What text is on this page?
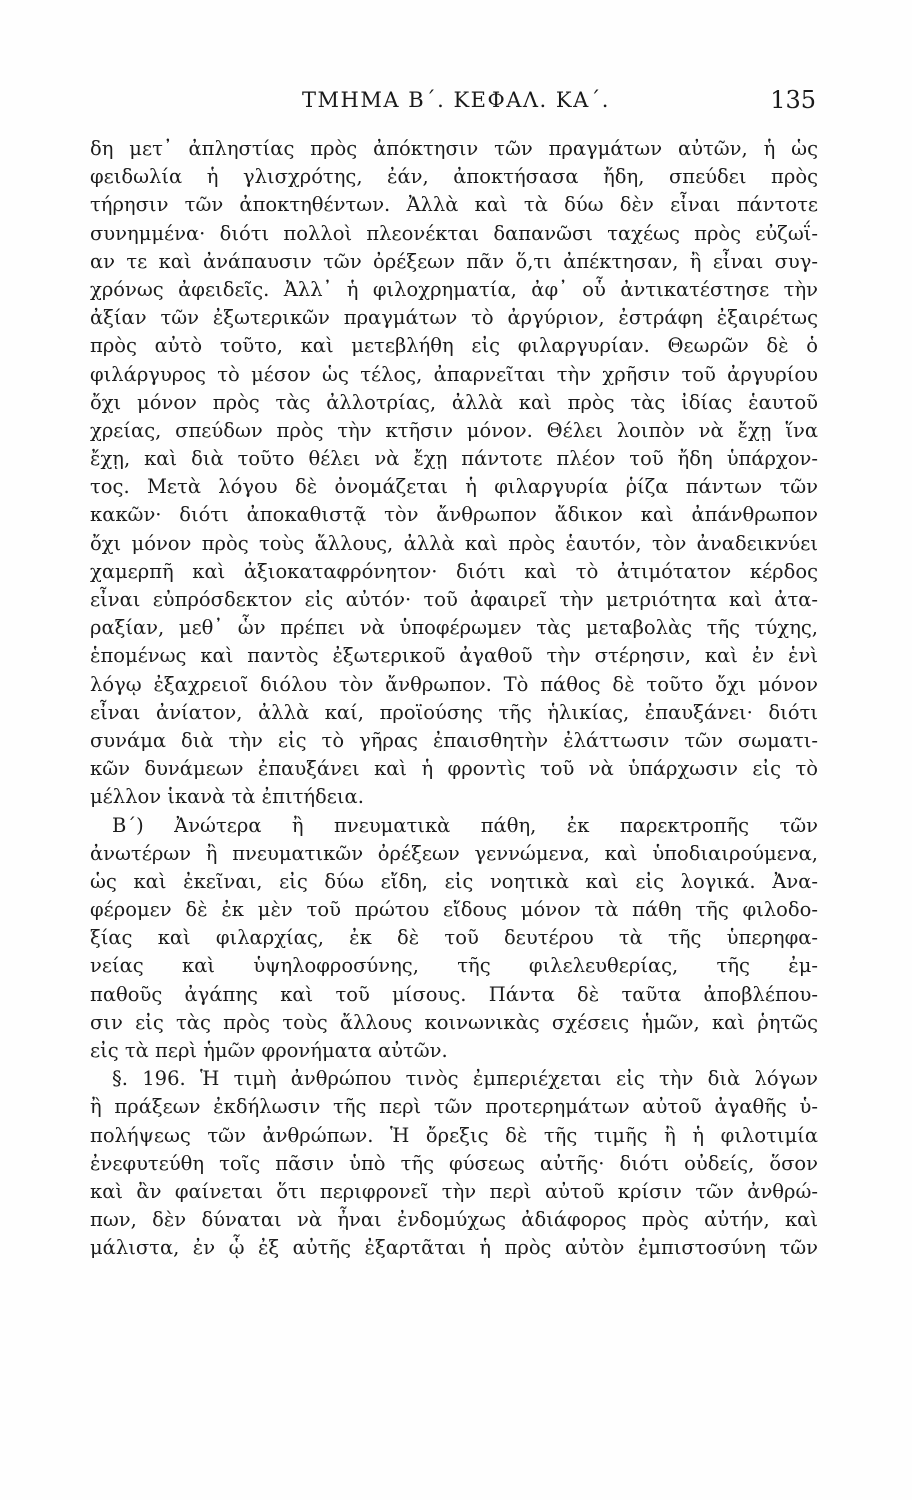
ΤΜΗΜΑ Β΄. ΚΕΦΑΛ. ΚΑ΄.	135
δη μετ᾿ ἀπληστίας πρὸς ἀπόκτησιν τῶν πραγμάτων αὐτῶν, ἡ ὡς
φειδωλία ἡ γλισχρότης, ἐάν, ἀποκτήσασα ἤδη, σπεύδει πρὸς
τήρησιν τῶν ἀποκτηθέντων. Ἀλλὰ καὶ τὰ δύω δὲν εἶναι πάντοτε
συνημμένα· διότι πολλοὶ πλεονέκται δαπανῶσι ταχέως πρὸς εὐζωΐ-
αν τε καὶ ἀνάπαυσιν τῶν ὀρέξεων πᾶν ὅ,τι ἀπέκτησαν, ἢ εἶναι συγ-
χρόνως ἀφειδεῖς. Ἀλλ᾿ ἡ φιλοχρηματία, ἀφ᾿ οὗ ἀντικατέστησε τὴν
ἀξίαν τῶν ἐξωτερικῶν πραγμάτων τὸ ἀργύριον, ἐστράφη ἐξαιρέτως
πρὸς αὐτὸ τοῦτο, καὶ μετεβλήθη εἰς φιλαργυρίαν. Θεωρῶν δὲ ὁ
φιλάργυρος τὸ μέσον ὡς τέλος, ἀπαρνεῖται τὴν χρῆσιν τοῦ ἀργυρίου
ὄχι μόνον πρὸς τὰς ἀλλοτρίας, ἀλλὰ καὶ πρὸς τὰς ἰδίας ἑαυτοῦ
χρείας, σπεύδων πρὸς τὴν κτῆσιν μόνον. Θέλει λοιπὸν νὰ ἔχῃ ἵνα
ἔχῃ, καὶ διὰ τοῦτο θέλει νὰ ἔχῃ πάντοτε πλέον τοῦ ἤδη ὑπάρχον-
τος. Μετὰ λόγου δὲ ὀνομάζεται ἡ φιλαργυρία ῥίζα πάντων τῶν
κακῶν· διότι ἀποκαθιστᾷ τὸν ἄνθρωπον ἄδικον καὶ ἀπάνθρωπον
ὄχι μόνον πρὸς τοὺς ἄλλους, ἀλλὰ καὶ πρὸς ἑαυτόν, τὸν ἀναδεικνύει
χαμερπῆ καὶ ἀξιοκαταφρόνητον· διότι καὶ τὸ ἀτιμότατον κέρδος
εἶναι εὐπρόσδεκτον εἰς αὐτόν· τοῦ ἀφαιρεῖ τὴν μετριότητα καὶ ἀτα-
ραξίαν, μεθ᾿ ὧν πρέπει νὰ ὑποφέρωμεν τὰς μεταβολὰς τῆς τύχης,
ἑπομένως καὶ παντὸς ἐξωτερικοῦ ἀγαθοῦ τὴν στέρησιν, καὶ ἐν ἑνὶ
λόγῳ ἐξαχρειοῖ διόλου τὸν ἄνθρωπον. Τὸ πάθος δὲ τοῦτο ὄχι μόνον
εἶναι ἀνίατον, ἀλλὰ καί, προϊούσης τῆς ἡλικίας, ἐπαυξάνει· διότι
συνάμα διὰ τὴν εἰς τὸ γῆρας ἐπαισθητὴν ἐλάττωσιν τῶν σωματι-
κῶν δυνάμεων ἐπαυξάνει καὶ ἡ φροντὶς τοῦ νὰ ὑπάρχωσιν εἰς τὸ
μέλλον ἱκανὰ τὰ ἐπιτήδεια.
Β΄) Ἀνώτερα ἢ πνευματικὰ πάθη, ἐκ παρεκτροπῆς τῶν
ἀνωτέρων ἢ πνευματικῶν ὀρέξεων γεννώμενα, καὶ ὑποδιαιρούμενα,
ὡς καὶ ἐκεῖναι, εἰς δύω εἴδη, εἰς νοητικὰ καὶ εἰς λογικά. Ἀνα-
φέρομεν δὲ ἐκ μὲν τοῦ πρώτου εἴδους μόνον τὰ πάθη τῆς φιλοδο-
ξίας καὶ φιλαρχίας, ἐκ δὲ τοῦ δευτέρου τὰ τῆς ὑπερηφα-
νείας καὶ ὑψηλοφροσύνης, τῆς φιλελευθερίας, τῆς ἐμ-
παθοῦς ἀγάπης καὶ τοῦ μίσους. Πάντα δὲ ταῦτα ἀποβλέπου-
σιν εἰς τὰς πρὸς τοὺς ἄλλους κοινωνικὰς σχέσεις ἡμῶν, καὶ ῥητῶς
εἰς τὰ περὶ ἡμῶν φρονήματα αὐτῶν.
§. 196. Ἡ τιμὴ ἀνθρώπου τινὸς ἐμπεριέχεται εἰς τὴν διὰ λόγων
ἢ πράξεων ἐκδήλωσιν τῆς περὶ τῶν προτερημάτων αὐτοῦ ἀγαθῆς ὑ-
πολήψεως τῶν ἀνθρώπων. Ἡ ὄρεξις δὲ τῆς τιμῆς ἢ ἡ φιλοτιμία
ἐνεφυτεύθη τοῖς πᾶσιν ὑπὸ τῆς φύσεως αὐτῆς· διότι οὐδείς, ὅσον
καὶ ἂν φαίνεται ὅτι περιφρονεῖ τὴν περὶ αὐτοῦ κρίσιν τῶν ἀνθρώ-
πων, δὲν δύναται νὰ ἦναι ἐνδομύχως ἀδιάφορος πρὸς αὐτήν, καὶ
μάλιστα, ἐν ᾧ ἐξ αὐτῆς ἐξαρτᾶται ἡ πρὸς αὐτὸν ἐμπιστοσύνη τῶν
